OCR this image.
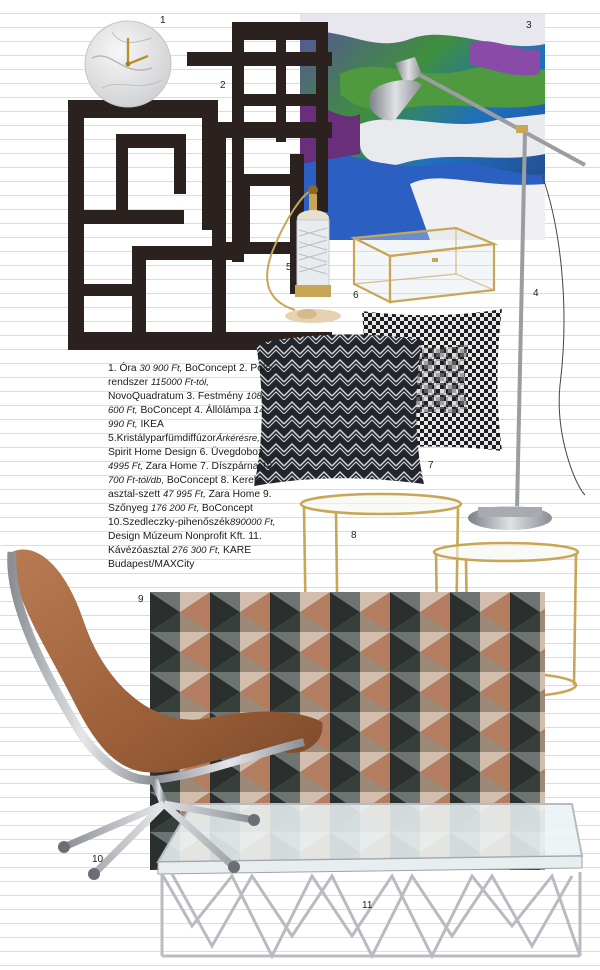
1
2
3
4
5
6
7
8
9
10
11
1. Óra 30 900 Ft, BoConcept 2. Polc-rendszer 115000 Ft-tól, NovoQuadratum 3. Festmény 108 600 Ft, BoConcept 4. Állólámpa 14 990 Ft, IKEA 5.KristályparfümdiffúzorÁrkérésre, Spirit Home Design 6. Üvegdoboz 4995 Ft, Zara Home 7. Díszpárna 19 700 Ft-tól/db, BoConcept 8. Kerek-asztal-szett 47 995 Ft, Zara Home 9. Szőnyeg 176 200 Ft, BoConcept 10.Szedleczky-pihenőszék890000 Ft, Design Múzeum Nonprofit Kft. 11. Kávézóasztal 276 300 Ft, KARE Budapest/MAXCity
